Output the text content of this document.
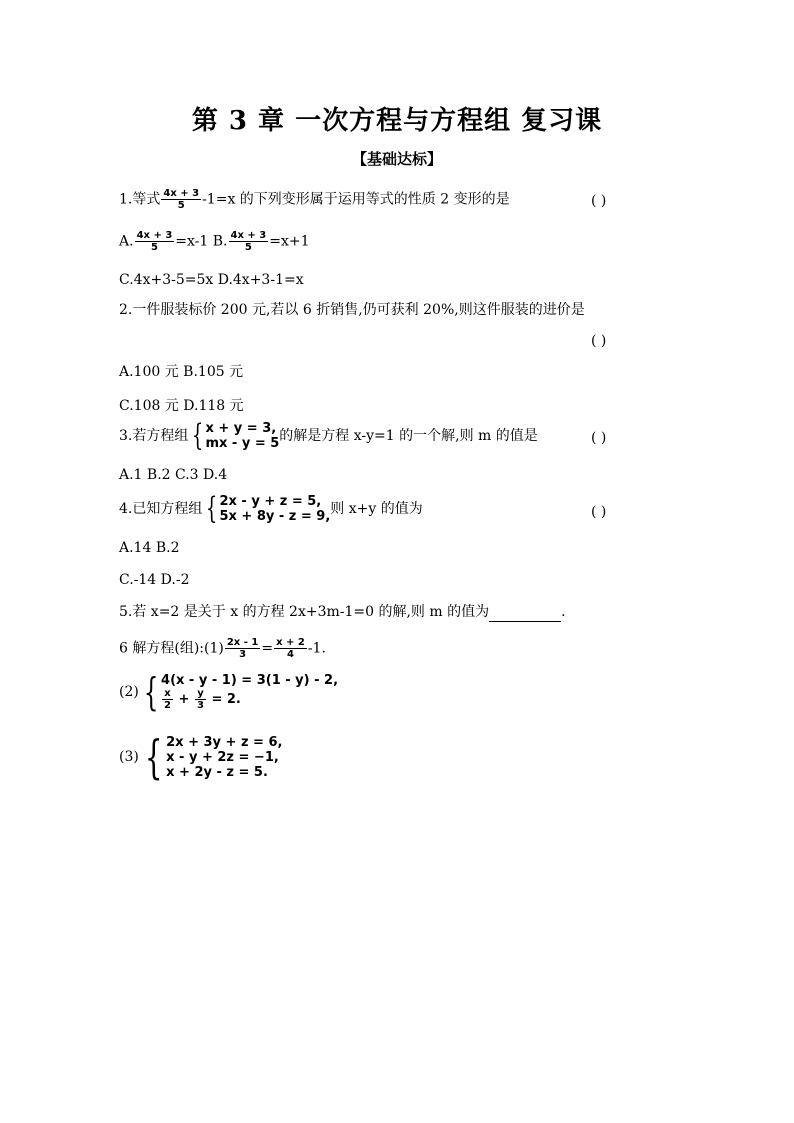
第 3 章 一次方程与方程组 复习课
【基础达标】
1.等式 $\frac{4x + 3}{5} -1=x$ 的下列变形属于运用等式的性质 2 变形的是	( )
A. $\frac{4x + 3}{5} =x-1$ B. $\frac{4x + 3}{5} =x+1$
C.4x+3-5=5x D.4x+3-1=x
2.一件服装标价 200 元,若以 6 折销售,仍可获利 20%,则这件服装的进价是
( )
A.100 元 B.105 元
C.108 元 D.118 元
3.若方程组 { x + y = 3,
mx - y = 5 的解是方程 x-y=1 的一个解,则 m 的值是	( )
A.1 B.2 C.3 D.4
4.已知方程组 { 2x - y + z = 5,
5x + 8y - z = 9, 则 x+y 的值为	( )
A.14 B.2
C.-14 D.-2
5.若 x=2 是关于 x 的方程 2x+3m-1=0 的解,则 m 的值为	.
6 解方程(组):(1) $\frac{2x - 1}{3} = \frac{x + 2}{4} -1$.
(2) { 4(x - y - 1) = 3(1 - y) - 2,
$\frac{x}{2} + \frac{y}{3} = 2$.
(3) { 2x + 3y + z = 6,
x - y + 2z = −1,
x + 2y - z = 5.
